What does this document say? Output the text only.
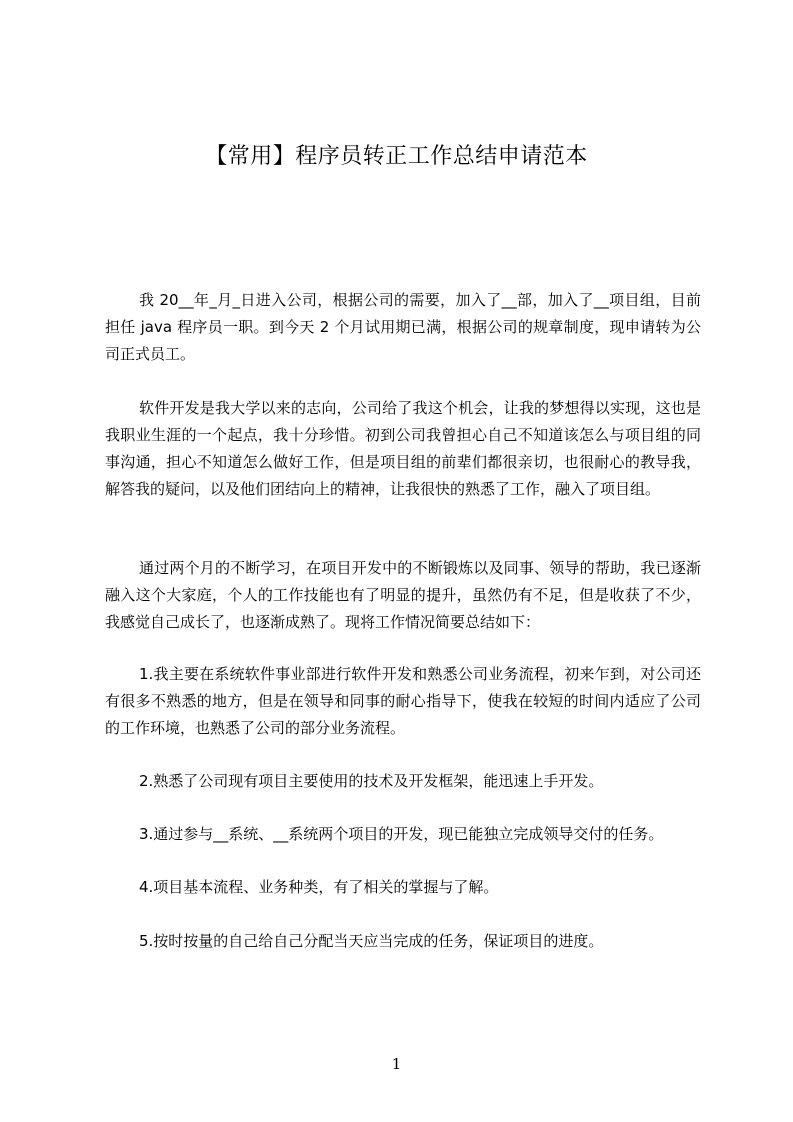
【常用】程序员转正工作总结申请范本
我 20__年_月_日进入公司，根据公司的需要，加入了__部，加入了__项目组，目前担任 java 程序员一职。到今天 2 个月试用期已满，根据公司的规章制度，现申请转为公司正式员工。
软件开发是我大学以来的志向，公司给了我这个机会，让我的梦想得以实现，这也是我职业生涯的一个起点，我十分珍惜。初到公司我曾担心自己不知道该怎么与项目组的同事沟通，担心不知道怎么做好工作，但是项目组的前辈们都很亲切，也很耐心的教导我，解答我的疑问，以及他们团结向上的精神，让我很快的熟悉了工作，融入了项目组。
通过两个月的不断学习，在项目开发中的不断锻炼以及同事、领导的帮助，我已逐渐融入这个大家庭，个人的工作技能也有了明显的提升，虽然仍有不足，但是收获了不少，我感觉自己成长了，也逐渐成熟了。现将工作情况简要总结如下：
1.我主要在系统软件事业部进行软件开发和熟悉公司业务流程，初来乍到，对公司还有很多不熟悉的地方，但是在领导和同事的耐心指导下，使我在较短的时间内适应了公司的工作环境，也熟悉了公司的部分业务流程。
2.熟悉了公司现有项目主要使用的技术及开发框架，能迅速上手开发。
3.通过参与__系统、__系统两个项目的开发，现已能独立完成领导交付的任务。
4.项目基本流程、业务种类，有了相关的掌握与了解。
5.按时按量的自己给自己分配当天应当完成的任务，保证项目的进度。
1
